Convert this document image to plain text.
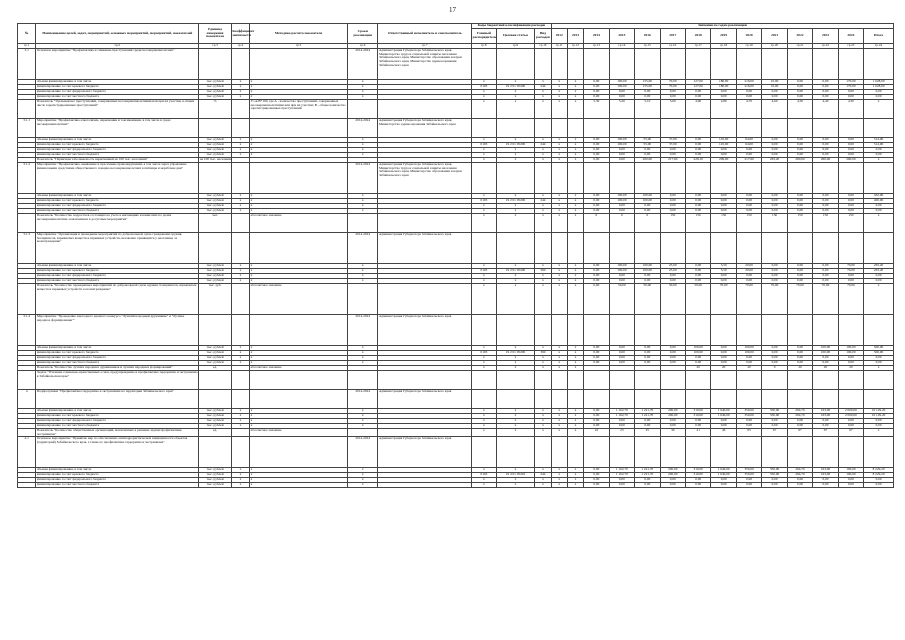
17
№	Наименование целей, задач, мероприятий, основных мероприятий, мероприятий, показателей	Единица измерения показателя	Коэффициент значимости	Методика расчета показателя	Сроки реализации	Ответственный исполнитель и соисполнитель	Коды бюджетной классификации расходов			Значения по годам реализации													
							Главный распорядитель	Целевая статья	Вид расходов	2012	2013	2014	2015	2016	2017	2018	2019	2020	2021	2022	2023	2024	Итого
гр.1	гр.2	гр.3	гр.4	гр.5	гр.6	гр.7	гр.8	гр.9	гр.10	гр.11	гр.12	гр.13	гр.14	гр.15	гр.16	гр.17	гр.18	гр.19	гр.20	гр.21	гр.22	гр.23	гр.24
3.1	Основное мероприятие "Профилактика и снижение преступлений среди несовершеннолетних"				2014-2024	Администрация Губернатора Забайкальского края, Министерство труда и социальной защиты населения Забайкальского края, Министерство образования и науки Забайкальского края, Министерство здравоохранения Забайкальского края																	
	объемы финансирования, в том числе	тыс. рублей	x	x	x		x	x	x	x	x	0,00	100,00	155,00	70,00	127,00	180,00	216,00	10,00	0,00	0,00	170,00	1 028,00
	финансирование за счет краевого бюджета	тыс. рублей	x	x	x		0103	19 2 01 05200	244	x	x	0,00	100,00	155,00	70,00	127,00	180,00	216,00	10,00	0,00	0,00	170,00	1 028,00
	финансирование за счет федерального бюджета	тыс. рублей	x	x	x		x	x	x	x	x	0,00	0,00	0,00	0,00	0,00	0,00	0,00	0,00	0,00	0,00	0,00	0,00
	финансирование за счет местного бюджета	тыс. рублей	x	x	x		x	x	x	x	x	0,00	0,00	0,00	0,00	0,00	0,00	0,00	0,00	0,00	0,00	0,00	0,00
	Показатель "Удельный вес преступлений, совершенных несовершеннолетними или при их участии, в общем числе зарегистрированных преступлений"	%		У=А/В*100, где А - количество преступлений, совершенных несовершеннолетними или при их участии; В - общее количество зарегистрированных преступлений			x	x	x	x	x	5,30	5,20	5,10	5,00	4,90	4,80	4,70	4,60	4,50	4,40	4,30	x
3.1.1	Мероприятие "Профилактика алкоголизма, наркомании и токсикомании, в том числе в среде несовершеннолетних"				2014-2024	Администрация Губернатора Забайкальского края, Министерство здравоохранения Забайкальского края																	
	объемы финансирования, в том числе	тыс. рублей	x	x	x		x	x	x	x	x	0,00	100,00	55,00	37,00	0,00	145,00	64,00	0,00	0,00	0,00	0,00	514,00
	финансирование за счет краевого бюджета	тыс. рублей	x	x	x		0103	19 2 01 05200	244	x	x	0,00	100,00	55,00	37,00	0,00	145,00	64,00	0,00	0,00	0,00	0,00	514,00
	финансирование за счет федерального бюджета	тыс. рублей	x	x	x		x	x	x	x	x	0,00	0,00	0,00	0,00	0,00	0,00	0,00	0,00	0,00	0,00	0,00	0,00
	финансирование за счет местного бюджета	тыс. рублей	x	x	x		x	x	x	x	x	0,00	0,00	0,00	0,00	0,00	0,00	0,00	0,00	0,00	0,00	0,00	0,00
	Показатель "Первичная заболеваемость наркоманией на 100 тыс. населения"	на 100 тыс. населения					x	x	x	x	x	0,00	0,00	200,00	217,60	228,10	209,00	217,60	263,20	260,00	260,00	260,00	x
3.1.2	Мероприятие "Профилактика, выявление и пресечение правонарушений, в том числе через управление финансовыми средствами общественного порядка несовершеннолетних в пятницы и нерабочие дни"				2014-2024	Администрация Губернатора Забайкальского края, Министерство труда и социальной защиты населения Забайкальского края, Министерство образования и науки Забайкальского края																	
	объемы финансирования, в том числе	тыс. рублей	x	x	x		x	x	x	x	x	0,00	100,00	100,00	0,00	0,00	0,00	0,00	0,00	0,00	0,00	0,00	432,00
	финансирование за счет краевого бюджета	тыс. рублей	x	x	x		0103	19 2 01 05200	244	x	x	0,00	100,00	100,00	0,00	0,00	0,00	0,00	0,00	0,00	0,00	0,00	400,00
	финансирование за счет федерального бюджета	тыс. рублей	x	x	x		x	x	x	x	x	0,00	0,00	0,00	0,00	0,00	0,00	0,00	0,00	0,00	0,00	0,00	0,00
	финансирование за счет местного бюджета	тыс. рублей	x	x	x		x	x	x	x	x	0,00	0,00	0,00	0,00	0,00	0,00	0,00	0,00	0,00	0,00	0,00	0,00
	Показатель "Количество подростков состоящих на учете в инспекциях и комиссиях по делам несовершеннолетних, вовлеченных в досуговые мероприятия"	чел.		абсолютное значение			x	x	x	x	x	0	0	0	150	150	150	150	150	150	150	150	x
3.1.3	Мероприятие "Организация и проведение мероприятий по добровольной сдаче гражданами оружия, боеприпасов, взрывчатых веществ и взрывных устройств, незаконно хранящихся у населения, за вознаграждение"				2014-2024	Администрация Губернатора Забайкальского края																	
	объемы финансирования, в том числе	тыс. рублей	x	x	x		x	x	x	x	x	0,00	100,00	100,00	25,00	0,00	5,50	20,00	0,00	0,00	0,00	70,00	263,20
	финансирование за счет краевого бюджета	тыс. рублей	x	x	x		0103	19 2 01 05200	360	x	x	0,00	100,00	100,00	25,00	0,00	5,50	20,00	0,00	0,00	0,00	70,00	263,20
	финансирование за счет федерального бюджета	тыс. рублей	x	x	x		x	x	x	x	x	0,00	0,00	0,00	0,00	0,00	0,00	0,00	0,00	0,00	0,00	0,00	0,00
	финансирование за счет местного бюджета	тыс. рублей	x	x	x		x	x	x	x	x	0,00	0,00	0,00	0,00	0,00	0,00	0,00	0,00	0,00	0,00	0,00	0,00
	Показатель "Количество проведенных мероприятий по добровольной сдаче оружия, боеприпасов, взрывчатых веществ и взрывных устройств за вознаграждение"	тыс. руб.		абсолютное значение			x	x	x	x	x	0,00	50,00	50,00	50,00	50,00	70,00	70,00	70,00	70,00	70,00	70,00	x
3.1.4	Мероприятие "Проведение ежегодного краевого конкурса "Лучший народный дружинник" и "Лучшее народное формирование""				2014-2024	Администрация Губернатора Забайкальского края																	
	объемы финансирования, в том числе	тыс. рублей	x	x	x		x	x	x	x	x	0,00	0,00	0,00	0,00	100,00	0,00	100,00	0,00	0,00	100,00	100,00	500,00
	финансирование за счет краевого бюджета	тыс. рублей	x	x	x		0103	19 2 01 05200	360	x	x	0,00	0,00	0,00	0,00	100,00	0,00	100,00	0,00	0,00	100,00	100,00	500,00
	финансирование за счет федерального бюджета	тыс. рублей	x	x	x		x	x	x	x	x	0,00	0,00	0,00	0,00	0,00	0,00	0,00	0,00	0,00	0,00	0,00	0,00
	финансирование за счет местного бюджета	тыс. рублей	x	x	x		x	x	x	x	x	0,00	0,00	0,00	0,00	0,00	0,00	0,00	0,00	0,00	0,00	0,00	0,00
	Показатель "Количество лучших народных дружинников и лучших народных формирований"	ед.		абсолютное значение			x	x	x	x	x					20	20	20	0	20	20	20	x
	Задача "Усиление социально-нравственных основ, предупреждение и профилактика терроризма и экстремизма в Забайкальском крае"																						
4	Подпрограмма "Профилактика терроризма и экстремизма на территории Забайкальского края"				2014-2024	Администрация Губернатора Забайкальского края																	
	объемы финансирования, в том числе	тыс. рублей	x	x	x		x	x	x	x	x	0,00	1 162,70	1 221,70	200,00	310,00	1 640,00	350,00	350,00	294,70	163,00	2 000,00	10 129,20
	финансирование за счет краевого бюджета	тыс. рублей	x	x	x		x	x	x	x	x	0,00	1 162,70	1 221,70	200,00	310,00	1 640,00	350,00	350,00	294,70	163,00	2 000,00	10 129,20
	финансирование за счет федерального бюджета	тыс. рублей	x	x	x		x	x	x	x	x	0,00	0,00	0,00	0,00	0,00	0,00	0,00	0,00	0,00	0,00	0,00	0,00
	финансирование за счет местного бюджета	тыс. рублей	x	x	x		x	x	x	x	x	0,00	0,00	0,00	0,00	0,00	0,00	0,00	0,00	0,00	0,00	0,00	0,00
	Показатель "Количество общественных организаций, вовлеченных в решение задачи профилактики экстремизма"	ед.		абсолютное значение			x	x	x	x	x	22	23	25	36	41	46	65	67	67	67	67	x
4.1	Основное мероприятие "Принятие мер по обеспечению антитеррористической защищенности объектов (территорий) Забайкальского края, а также по профилактике терроризма и экстремизма"				2014-2024	Администрация Губернатора Забайкальского края																	
	объемы финансирования, в том числе	тыс. рублей	x	x	x		x	x	x	x	x	0,00	1 162,70	1 221,70	200,00	310,00	1 640,00	350,00	350,00	294,70	163,00	100,00	8 229,20
	финансирование за счет краевого бюджета	тыс. рублей	x	x	x		0103	19 4 01 05202	244	x	x	0,00	1 162,70	1 221,70	200,00	310,00	1 640,00	350,00	350,00	294,70	163,00	100,00	8 229,20
	финансирование за счет федерального бюджета	тыс. рублей	x	x	x		x	x	x	x	x	0,00	0,00	0,00	0,00	0,00	0,00	0,00	0,00	0,00	0,00	0,00	0,00
	финансирование за счет местного бюджета	тыс. рублей	x	x	x		x	x	x	x	x	0,00	0,00	0,00	0,00	0,00	0,00	0,00	0,00	0,00	0,00	0,00	0,00
